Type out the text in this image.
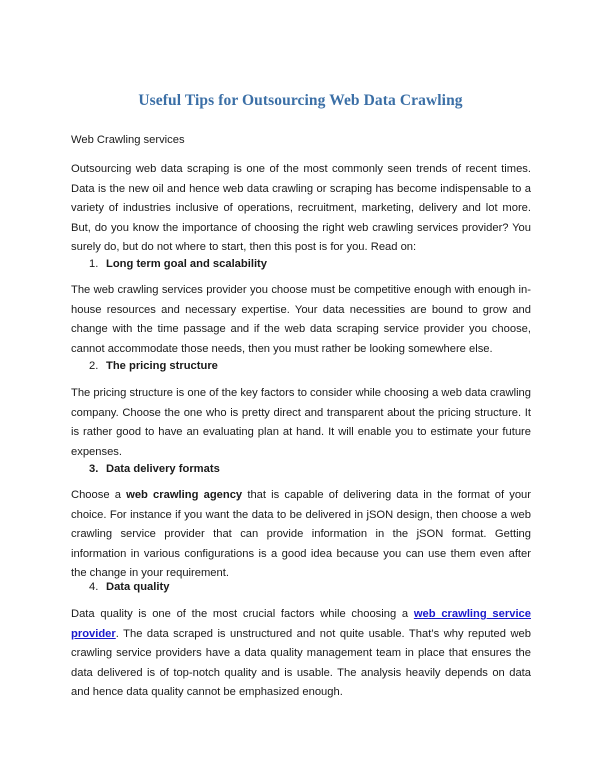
Useful Tips for Outsourcing Web Data Crawling

Web Crawling services

Outsourcing web data scraping is one of the most commonly seen trends of recent times. Data is the new oil and hence web data crawling or scraping has become indispensable to a variety of industries inclusive of operations, recruitment, marketing, delivery and lot more. But, do you know the importance of choosing the right web crawling services provider? You surely do, but do not where to start, then this post is for you. Read on:

1. Long term goal and scalability

The web crawling services provider you choose must be competitive enough with enough in-house resources and necessary expertise. Your data necessities are bound to grow and change with the time passage and if the web data scraping service provider you choose, cannot accommodate those needs, then you must rather be looking somewhere else.

2. The pricing structure

The pricing structure is one of the key factors to consider while choosing a web data crawling company. Choose the one who is pretty direct and transparent about the pricing structure. It is rather good to have an evaluating plan at hand. It will enable you to estimate your future expenses.

3. Data delivery formats

Choose a web crawling agency that is capable of delivering data in the format of your choice. For instance if you want the data to be delivered in jSON design, then choose a web crawling service provider that can provide information in the jSON format. Getting information in various configurations is a good idea because you can use them even after the change in your requirement.

4. Data quality

Data quality is one of the most crucial factors while choosing a web crawling service provider. The data scraped is unstructured and not quite usable. That’s why reputed web crawling service providers have a data quality management team in place that ensures the data delivered is of top-notch quality and is usable. The analysis heavily depends on data and hence data quality cannot be emphasized enough.
